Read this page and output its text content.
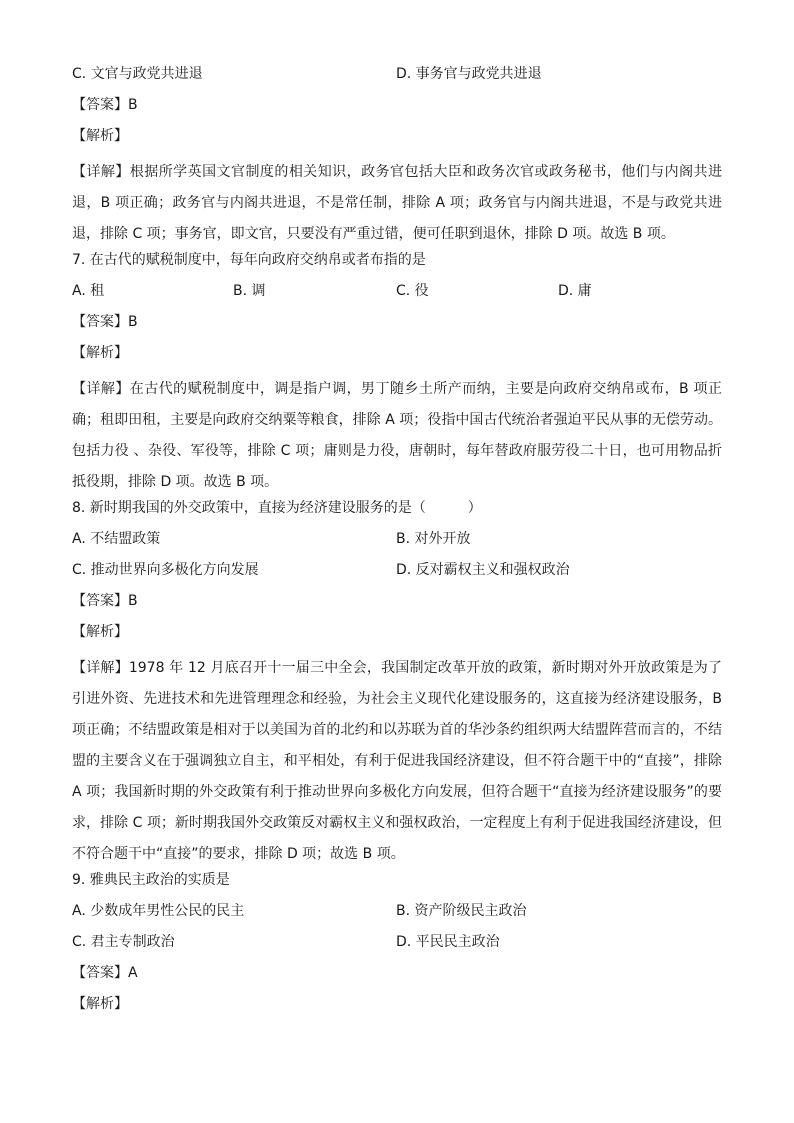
C. 文官与政党共进退	D. 事务官与政党共进退
【答案】B
【解析】

【详解】根据所学英国文官制度的相关知识，政务官包括大臣和政务次官或政务秘书，他们与内阁共进退，B 项正确；政务官与内阁共进退，不是常任制，排除 A 项；政务官与内阁共进退，不是与政党共进退，排除 C 项；事务官，即文官，只要没有严重过错，便可任职到退休，排除 D 项。故选 B 项。

7. 在古代的赋税制度中，每年向政府交纳帛或者布指的是
A. 租	B. 调	C. 役	D. 庸
【答案】B
【解析】

【详解】在古代的赋税制度中，调是指户调，男丁随乡土所产而纳，主要是向政府交纳帛或布，B 项正确；租即田租，主要是向政府交纳粟等粮食，排除 A 项；役指中国古代统治者强迫平民从事的无偿劳动。包括力役 、杂役、军役等，排除 C 项；庸则是力役，唐朝时，每年替政府服劳役二十日，也可用物品折抵役期，排除 D 项。故选 B 项。

8. 新时期我国的外交政策中，直接为经济建设服务的是（　　　）
A. 不结盟政策	B. 对外开放
C. 推动世界向多极化方向发展	D. 反对霸权主义和强权政治
【答案】B
【解析】

【详解】1978 年 12 月底召开十一届三中全会，我国制定改革开放的政策，新时期对外开放政策是为了引进外资、先进技术和先进管理理念和经验，为社会主义现代化建设服务的，这直接为经济建设服务，B 项正确；不结盟政策是相对于以美国为首的北约和以苏联为首的华沙条约组织两大结盟阵营而言的，不结盟的主要含义在于强调独立自主，和平相处，有利于促进我国经济建设，但不符合题干中的“直接”，排除 A 项；我国新时期的外交政策有利于推动世界向多极化方向发展，但符合题干“直接为经济建设服务”的要求，排除 C 项；新时期我国外交政策反对霸权主义和强权政治，一定程度上有利于促进我国经济建设，但不符合题干中“直接”的要求，排除 D 项；故选 B 项。

9. 雅典民主政治的实质是
A. 少数成年男性公民的民主	B. 资产阶级民主政治
C. 君主专制政治	D. 平民民主政治
【答案】A
【解析】
